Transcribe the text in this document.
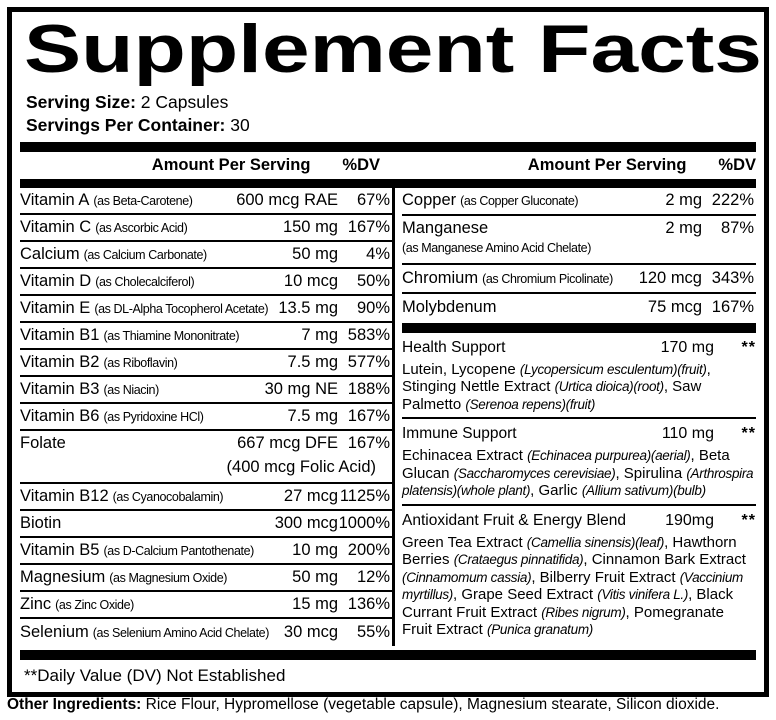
Supplement Facts
Serving Size: 2 Capsules
Servings Per Container: 30
Amount Per Serving %DV	Amount Per Serving %DV
Vitamin A (as Beta-Carotene)	600 mcg RAE	67%
Vitamin C (as Ascorbic Acid)	150 mg 167%
Calcium (as Calcium Carbonate)	50 mg	4%
Vitamin D (as Cholecalciferol)	10 mcg	50%
Vitamin E (as DL-Alpha Tocopherol Acetate) 13.5 mg	90%
Vitamin B1 (as Thiamine Mononitrate)	7 mg 583%
Vitamin B2 (as Riboflavin)	7.5 mg 577%
Vitamin B3 (as Niacin)	30 mg NE 188%
Vitamin B6 (as Pyridoxine HCl)	7.5 mg 167%
Folate	667 mcg DFE 167%
(400 mcg Folic Acid)
Vitamin B12 (as Cyanocobalamin)	27 mcg 1125%
Biotin	300 mcg 1000%
Vitamin B5 (as D-Calcium Pantothenate)	10 mg 200%
Magnesium (as Magnesium Oxide)	50 mg	12%
Zinc (as Zinc Oxide)	15 mg 136%
Selenium (as Selenium Amino Acid Chelate) 30 mcg	55%
Copper (as Copper Gluconate)	2 mg 222%
Manganese
(as Manganese Amino Acid Chelate)
2 mg	87%
Chromium (as Chromium Picolinate)	120 mcg 343%
Molybdenum	75 mcg 167%
Health Support	170 mg	**
Lutein, Lycopene (Lycopersicum esculentum)(fruit), Stinging Nettle Extract (Urtica dioica)(root), Saw Palmetto (Serenoa repens)(fruit)
Immune Support	110 mg	**
Echinacea Extract (Echinacea purpurea)(aerial), Beta Glucan (Saccharomyces cerevisiae), Spirulina (Arthrospira platensis)(whole plant), Garlic (Allium sativum)(bulb)
Antioxidant Fruit & Energy Blend 190mg	**
Green Tea Extract (Camellia sinensis)(leaf), Hawthorn Berries (Crataegus pinnatifida), Cinnamon Bark Extract (Cinnamomum cassia), Bilberry Fruit Extract (Vaccinium myrtillus), Grape Seed Extract (Vitis vinifera L.), Black Currant Fruit Extract (Ribes nigrum), Pomegranate Fruit Extract (Punica granatum)
**Daily Value (DV) Not Established
Other Ingredients: Rice Flour, Hypromellose (vegetable capsule), Magnesium stearate, Silicon dioxide.
